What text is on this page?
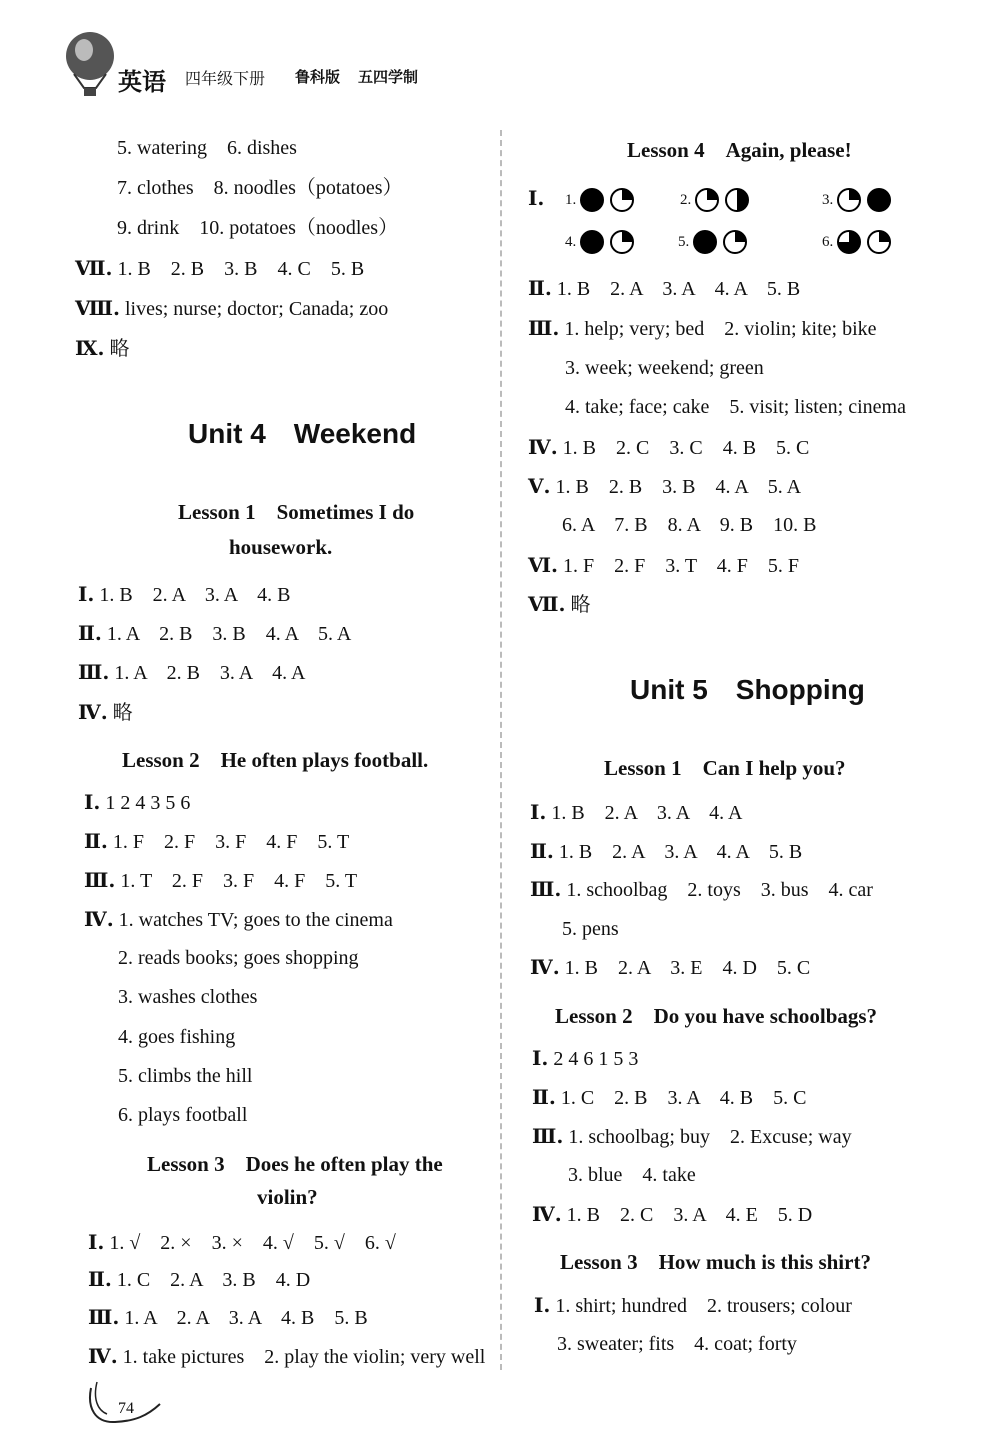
英语 四年级下册 鲁科版 五四学制
5. watering　6. dishes
7. clothes　8. noodles（potatoes）
9. drink　10. potatoes（noodles）
Ⅶ. 1. B　2. B　3. B　4. C　5. B
Ⅷ. lives; nurse; doctor; Canada; zoo
Ⅸ. 略
Unit 4　Weekend
Lesson 1　Sometimes I do
housework.
Ⅰ. 1. B　2. A　3. A　4. B
Ⅱ. 1. A　2. B　3. B　4. A　5. A
Ⅲ. 1. A　2. B　3. A　4. A
Ⅳ. 略
Lesson 2　He often plays football.
Ⅰ. 1 2 4 3 5 6
Ⅱ. 1. F　2. F　3. F　4. F　5. T
Ⅲ. 1. T　2. F　3. F　4. F　5. T
Ⅳ. 1. watches TV; goes to the cinema
2. reads books; goes shopping
3. washes clothes
4. goes fishing
5. climbs the hill
6. plays football
Lesson 3　Does he often play the
violin?
Ⅰ. 1. √　2. ×　3. ×　4. √　5. √　6. √
Ⅱ. 1. C　2. A　3. B　4. D
Ⅲ. 1. A　2. A　3. A　4. B　5. B
Ⅳ. 1. take pictures　2. play the violin; very well
74
Lesson 4　Again, please!
Ⅰ. 1.	2.	3.
4.	5.	6.
Ⅱ. 1. B　2. A　3. A　4. A　5. B
Ⅲ. 1. help; very; bed　2. violin; kite; bike
3. week; weekend; green
4. take; face; cake　5. visit; listen; cinema
Ⅳ. 1. B　2. C　3. C　4. B　5. C
Ⅴ. 1. B　2. B　3. B　4. A　5. A
6. A　7. B　8. A　9. B　10. B
Ⅵ. 1. F　2. F　3. T　4. F　5. F
Ⅶ. 略
Unit 5　Shopping
Lesson 1　Can I help you?
Ⅰ. 1. B　2. A　3. A　4. A
Ⅱ. 1. B　2. A　3. A　4. A　5. B
Ⅲ. 1. schoolbag　2. toys　3. bus　4. car
5. pens
Ⅳ. 1. B　2. A　3. E　4. D　5. C
Lesson 2　Do you have schoolbags?
Ⅰ. 2 4 6 1 5 3
Ⅱ. 1. C　2. B　3. A　4. B　5. C
Ⅲ. 1. schoolbag; buy　2. Excuse; way
3. blue　4. take
Ⅳ. 1. B　2. C　3. A　4. E　5. D
Lesson 3　How much is this shirt?
Ⅰ. 1. shirt; hundred　2. trousers; colour
3. sweater; fits　4. coat; forty
